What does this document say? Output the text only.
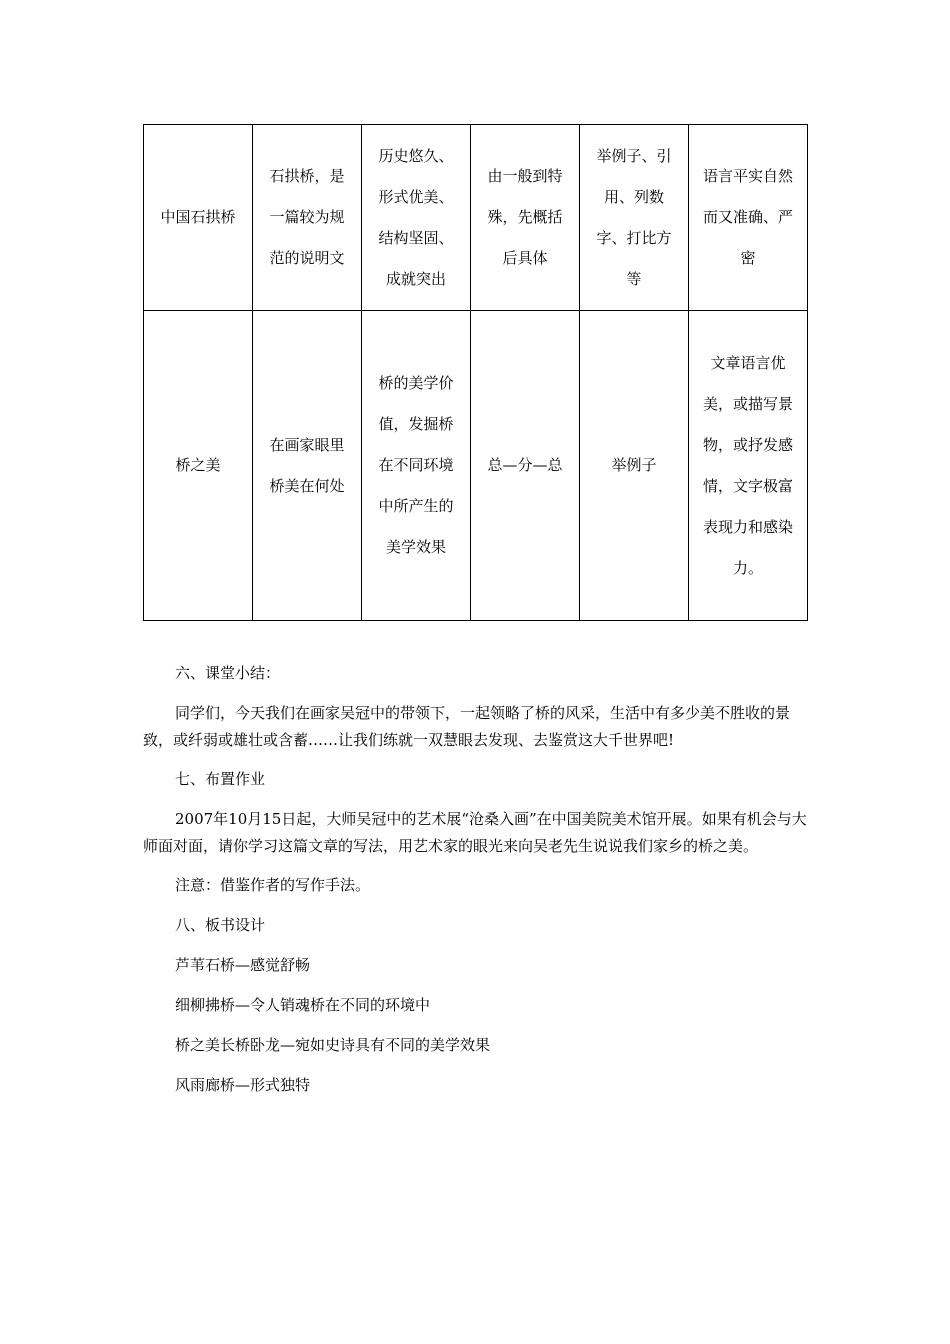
中国石拱桥	石拱桥，是一篇较为规范的说明文	历史悠久、形式优美、结构坚固、成就突出	由一般到特殊，先概括后具体	举例子、引用、列数字、打比方等	语言平实自然而又准确、严密
桥之美	在画家眼里桥美在何处	桥的美学价值，发掘桥在不同环境中所产生的美学效果	总—分—总	举例子	文章语言优美，或描写景物，或抒发感情，文字极富表现力和感染力。

六、课堂小结：

同学们，今天我们在画家吴冠中的带领下，一起领略了桥的风采，生活中有多少美不胜收的景致，或纤弱或雄壮或含蓄……让我们练就一双慧眼去发现、去鉴赏这大千世界吧!

七、布置作业

2007年10月15日起，大师吴冠中的艺术展“沧桑入画”在中国美院美术馆开展。如果有机会与大师面对面，请你学习这篇文章的写法，用艺术家的眼光来向吴老先生说说我们家乡的桥之美。

注意：借鉴作者的写作手法。

八、板书设计

芦苇石桥—感觉舒畅

细柳拂桥—令人销魂桥在不同的环境中

桥之美长桥卧龙—宛如史诗具有不同的美学效果

风雨廊桥—形式独特
